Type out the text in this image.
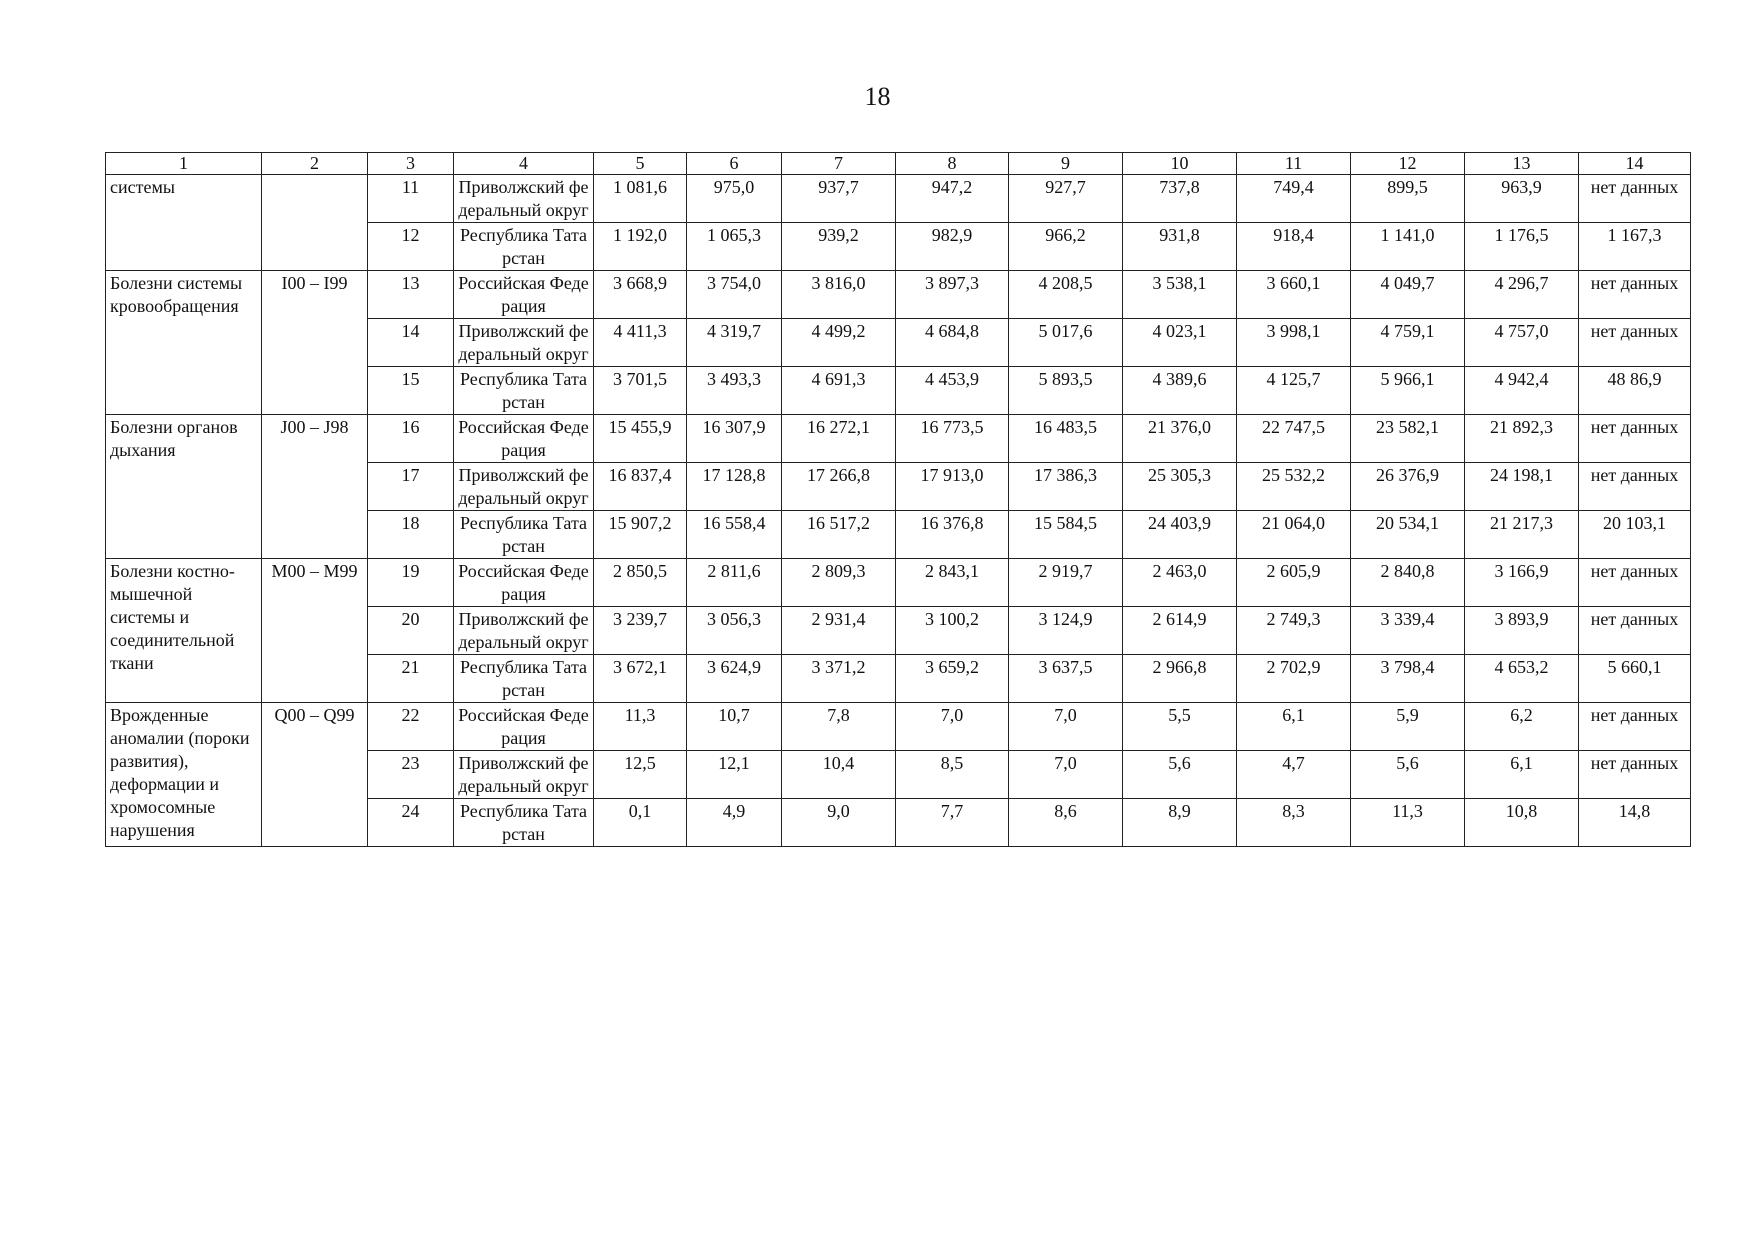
18
1	2	3	4	5	6	7	8	9	10	11	12	13	14
системы		11	Приволжский федеральный округ	1 081,6	975,0	937,7	947,2	927,7	737,8	749,4	899,5	963,9	нет данных
		12	Республика Татарстан	1 192,0	1 065,3	939,2	982,9	966,2	931,8	918,4	1 141,0	1 176,5	1 167,3
Болезни системы кровообращения	I00 – I99	13	Российская Федерация	3 668,9	3 754,0	3 816,0	3 897,3	4 208,5	3 538,1	3 660,1	4 049,7	4 296,7	нет данных
		14	Приволжский федеральный округ	4 411,3	4 319,7	4 499,2	4 684,8	5 017,6	4 023,1	3 998,1	4 759,1	4 757,0	нет данных
		15	Республика Татарстан	3 701,5	3 493,3	4 691,3	4 453,9	5 893,5	4 389,6	4 125,7	5 966,1	4 942,4	48 86,9
Болезни органов дыхания	J00 – J98	16	Российская Федерация	15 455,9	16 307,9	16 272,1	16 773,5	16 483,5	21 376,0	22 747,5	23 582,1	21 892,3	нет данных
		17	Приволжский федеральный округ	16 837,4	17 128,8	17 266,8	17 913,0	17 386,3	25 305,3	25 532,2	26 376,9	24 198,1	нет данных
		18	Республика Татарстан	15 907,2	16 558,4	16 517,2	16 376,8	15 584,5	24 403,9	21 064,0	20 534,1	21 217,3	20 103,1
Болезни костно-мышечной системы и соединительной ткани	M00 – M99	19	Российская Федерация	2 850,5	2 811,6	2 809,3	2 843,1	2 919,7	2 463,0	2 605,9	2 840,8	3 166,9	нет данных
		20	Приволжский федеральный округ	3 239,7	3 056,3	2 931,4	3 100,2	3 124,9	2 614,9	2 749,3	3 339,4	3 893,9	нет данных
		21	Республика Татарстан	3 672,1	3 624,9	3 371,2	3 659,2	3 637,5	2 966,8	2 702,9	3 798,4	4 653,2	5 660,1
Врожденные аномалии (пороки развития), деформации и хромосомные нарушения	Q00 – Q99	22	Российская Федерация	11,3	10,7	7,8	7,0	7,0	5,5	6,1	5,9	6,2	нет данных
		23	Приволжский федеральный округ	12,5	12,1	10,4	8,5	7,0	5,6	4,7	5,6	6,1	нет данных
		24	Республика Татарстан	0,1	4,9	9,0	7,7	8,6	8,9	8,3	11,3	10,8	14,8
